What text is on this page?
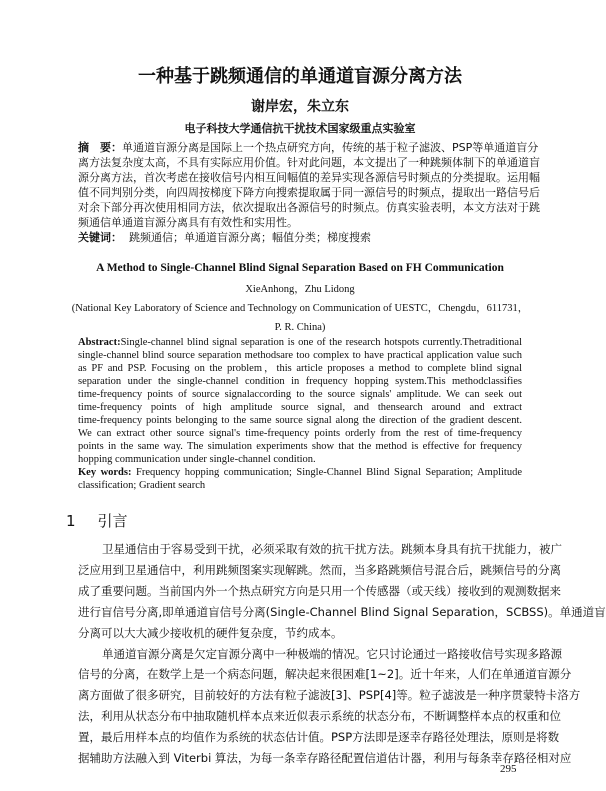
一种基于跳频通信的单通道盲源分离方法
谢岸宏，朱立东
电子科技大学通信抗干扰技术国家级重点实验室
摘　要：单通道盲源分离是国际上一个热点研究方向，传统的基于粒子滤波、PSP等单通道盲分
离方法复杂度太高，不具有实际应用价值。针对此问题，本文提出了一种跳频体制下的单通道盲
源分离方法，首次考虑在接收信号内相互间幅值的差异实现各源信号时频点的分类提取。运用幅
值不同判别分类，向四周按梯度下降方向搜索提取属于同一源信号的时频点，提取出一路信号后
对余下部分再次使用相同方法，依次提取出各源信号的时频点。仿真实验表明，本文方法对于跳
频通信单通道盲源分离具有有效性和实用性。
关键词： 跳频通信；单通道盲源分离；幅值分类；梯度搜索
A Method to Single-Channel Blind Signal Separation Based on FH Communication
XieAnhong，Zhu Lidong
(National Key Laboratory of Science and Technology on Communication of UESTC，Chengdu，611731，
P. R. China)
Abstract:Single-channel blind signal separation is one of the research hotspots currently.Thetraditional
single-channel blind source separation methodsare too complex to have practical application value such
as PF and PSP. Focusing on the problem，this article proposes a method to complete blind signal
separation under the single-channel condition in frequency hopping system.This methodclassifies
time-frequency points of source signalaccording to the source signals' amplitude. We can seek out
time-frequency points of high amplitude source signal, and thensearch around and extract
time-frequency points belonging to the same source signal along the direction of the gradient descent.
We can extract other source signal's time-frequency points orderly from the rest of time-frequency
points in the same way. The simulation experiments show that the method is effective for frequency
hopping communication under single-channel condition.
Key words: Frequency hopping communication; Single-Channel Blind Signal Separation; Amplitude
classification; Gradient search
1 引言
卫星通信由于容易受到干扰，必须采取有效的抗干扰方法。跳频本身具有抗干扰能力，被广
泛应用到卫星通信中，利用跳频图案实现解跳。然而，当多路跳频信号混合后，跳频信号的分离
成了重要问题。当前国内外一个热点研究方向是只用一个传感器（或天线）接收到的观测数据来
进行盲信号分离,即单通道盲信号分离(Single-Channel Blind Signal Separation，SCBSS)。单通道盲
分离可以大大减少接收机的硬件复杂度，节约成本。
单通道盲源分离是欠定盲源分离中一种极端的情况。它只讨论通过一路接收信号实现多路源
信号的分离，在数学上是一个病态问题，解决起来很困难[1~2]。近十年来，人们在单通道盲源分
离方面做了很多研究，目前较好的方法有粒子滤波[3]、PSP[4]等。粒子滤波是一种序贯蒙特卡洛方
法，利用从状态分布中抽取随机样本点来近似表示系统的状态分布，不断调整样本点的权重和位
置，最后用样本点的均值作为系统的状态估计值。PSP方法即是逐幸存路径处理法，原则是将数
据辅助方法融入到 Viterbi 算法，为每一条幸存路径配置信道估计器，利用与每条幸存路径相对应
295
